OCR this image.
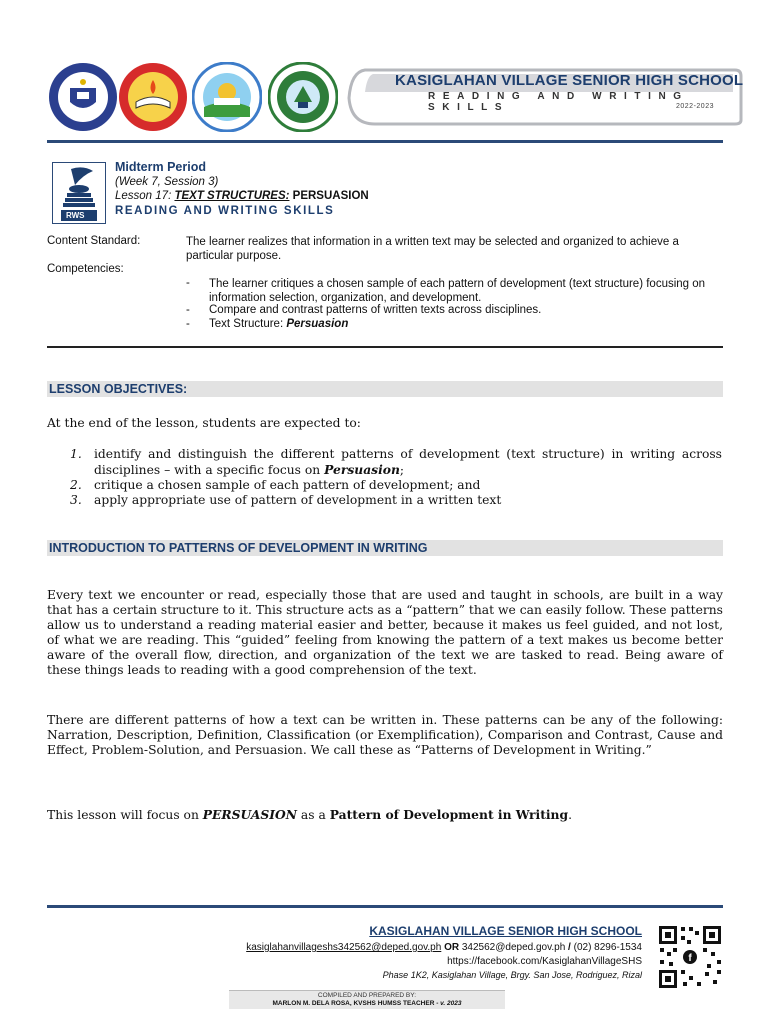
KASIGLAHAN VILLAGE SENIOR HIGH SCHOOL
READING AND WRITING SKILLS	2022-2023
RWS
Midterm Period
(Week 7, Session 3)
Lesson 17: TEXT STRUCTURES: PERSUASION
READING AND WRITING SKILLS
Content Standard:	The learner realizes that information in a written text may be selected and organized to achieve a particular purpose.
Competencies:
- The learner critiques a chosen sample of each pattern of development (text structure) focusing on information selection, organization, and development.
- Compare and contrast patterns of written texts across disciplines.
- Text Structure: Persuasion
LESSON OBJECTIVES:
At the end of the lesson, students are expected to:
1. identify and distinguish the different patterns of development (text structure) in writing across disciplines – with a specific focus on Persuasion;
2. critique a chosen sample of each pattern of development; and
3. apply appropriate use of pattern of development in a written text
INTRODUCTION TO PATTERNS OF DEVELOPMENT IN WRITING
Every text we encounter or read, especially those that are used and taught in schools, are built in a way that has a certain structure to it. This structure acts as a “pattern” that we can easily follow. These patterns allow us to understand a reading material easier and better, because it makes us feel guided, and not lost, of what we are reading. This “guided” feeling from knowing the pattern of a text makes us become better aware of the overall flow, direction, and organization of the text we are tasked to read. Being aware of these things leads to reading with a good comprehension of the text.
There are different patterns of how a text can be written in. These patterns can be any of the following: Narration, Description, Definition, Classification (or Exemplification), Comparison and Contrast, Cause and Effect, Problem-Solution, and Persuasion. We call these as “Patterns of Development in Writing.”
This lesson will focus on PERSUASION as a Pattern of Development in Writing.
KASIGLAHAN VILLAGE SENIOR HIGH SCHOOL
kasiglahanvillageshs342562@deped.gov.ph OR 342562@deped.gov.ph / (02) 8296-1534
https://facebook.com/KasiglahanVillageSHS
Phase 1K2, Kasiglahan Village, Brgy. San Jose, Rodriguez, Rizal
f
COMPILED AND PREPARED BY:
MARLON M. DELA ROSA, KVSHS HUMSS TEACHER - v. 2023
